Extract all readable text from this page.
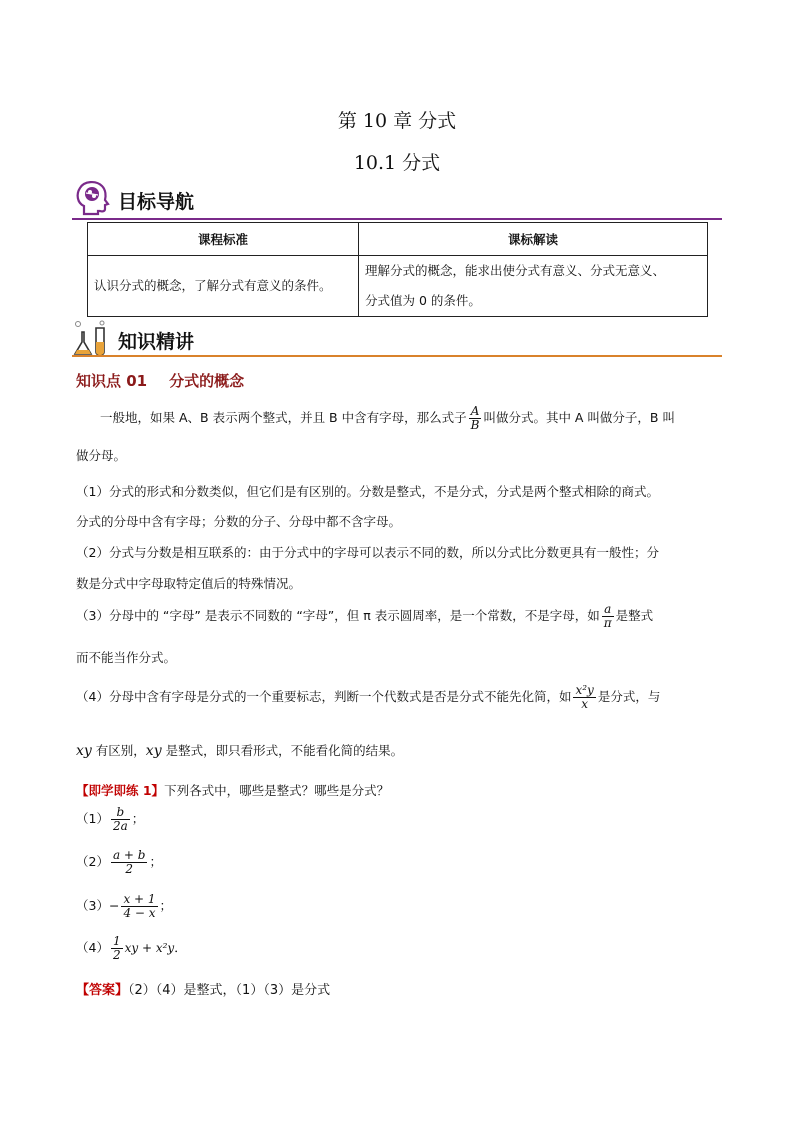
第 10 章 分式
10.1 分式
目标导航
课程标准	课标解读
认识分式的概念，了解分式有意义的条件。	理解分式的概念，能求出使分式有意义、分式无意义、
分式值为 0 的条件。
知识精讲
知识点 01 分式的概念
一般地，如果 A、B 表示两个整式，并且 B 中含有字母，那么式子 $\frac{A}{B}$ 叫做分式。其中 A 叫做分子，B 叫
做分母。
（1）分式的形式和分数类似，但它们是有区别的。分数是整式，不是分式，分式是两个整式相除的商式。
分式的分母中含有字母；分数的分子、分母中都不含字母。
（2）分式与分数是相互联系的：由于分式中的字母可以表示不同的数，所以分式比分数更具有一般性；分
数是分式中字母取特定值后的特殊情况。
（3）分母中的 “字母” 是表示不同数的 “字母”，但 π 表示圆周率，是一个常数，不是字母，如 $\frac{a}{\pi}$ 是整式
而不能当作分式。
（4）分母中含有字母是分式的一个重要标志，判断一个代数式是否是分式不能先化简，如 $\frac{\text{x²y}}{x}$ 是分式，与
xy 有区别，xy 是整式，即只看形式，不能看化简的结果。
【即学即练 1】下列各式中，哪些是整式？哪些是分式？
$(1) \frac{b}{2a}$ ；
$(2) \frac{a + b}{2}$ ；
$(3)- \frac{x + 1}{4 - x}$ ；
$(4) \frac{1}{2}$ xy + x²y．
【答案】（2）（4）是整式，（1）（3）是分式
